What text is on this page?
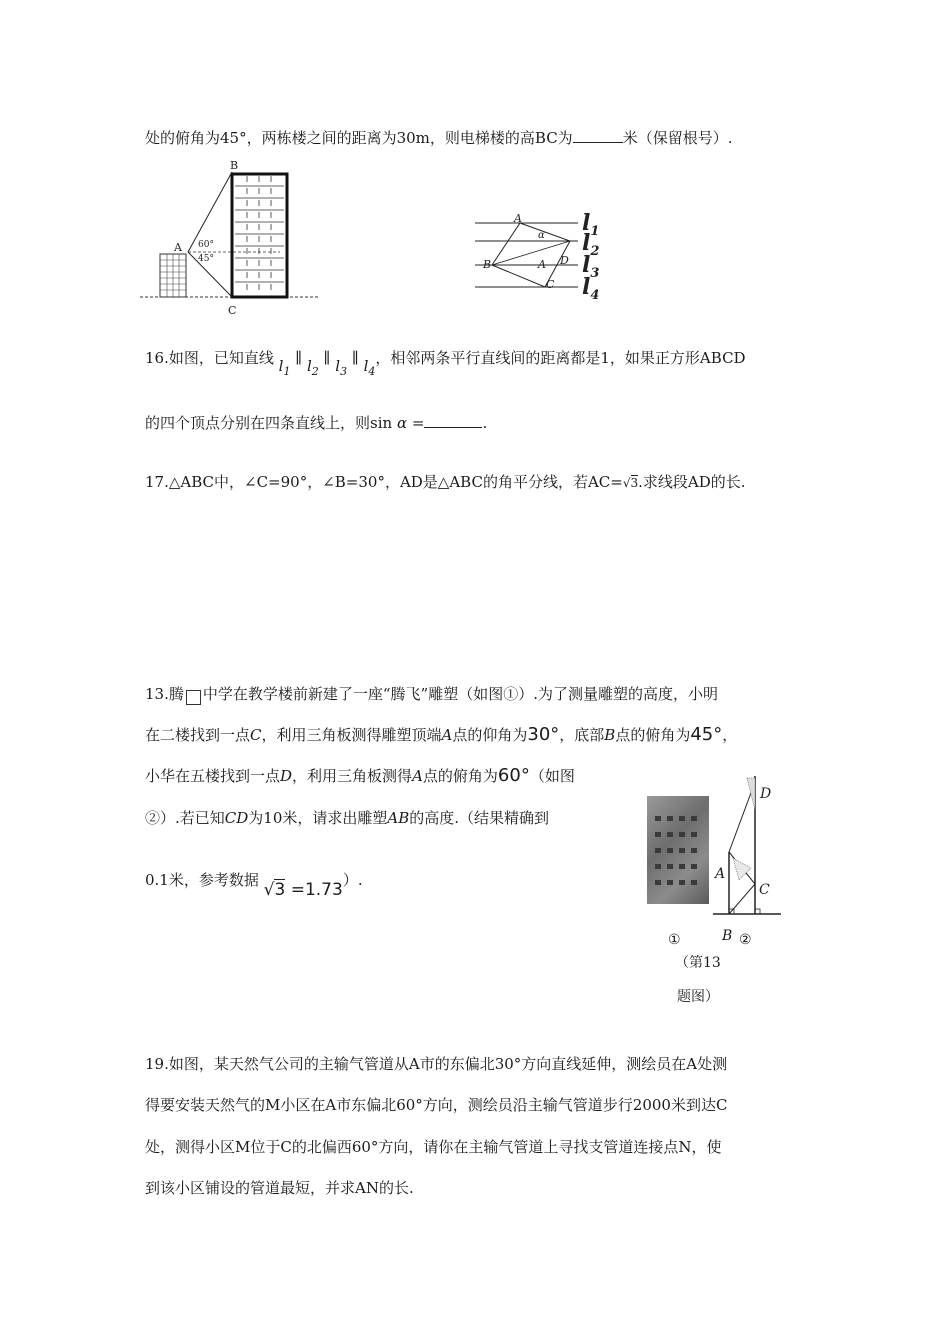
处的俯角为45°，两栋楼之间的距离为30m，则电梯楼的高BC为	米（保留根号）.
B
A
C
60°
45°
A
α
B	A D
C
$l_1$
$l_2$
$l_3$
$l_4$
16.如图，已知直线 $l_1$ ∥ $l_2$ ∥ $l_3$ ∥ $l_4$，相邻两条平行直线间的距离都是1，如果正方形ABCD
的四个顶点分别在四条直线上，则sin α =	.
17.△ABC中，∠C=90°，∠B=30°，AD是△ABC的角平分线，若AC=√3.求线段AD的长.
13.腾 中学在教学楼前新建了一座“腾飞”雕塑（如图①）.为了测量雕塑的高度，小明
在二楼找到一点C，利用三角板测得雕塑顶端A点的仰角为30°，底部B点的俯角为45°，
小华在五楼找到一点D，利用三角板测得A点的俯角为60°（如图
②）.若已知CD为10米，请求出雕塑AB的高度.（结果精确到
0.1米，参考数据 √3 =1.73）.
D
A
C
①	B ②
（第13
题图）
19.如图，某天然气公司的主输气管道从A市的东偏北30°方向直线延伸，测绘员在A处测
得要安装天然气的M小区在A市东偏北60°方向，测绘员沿主输气管道步行2000米到达C
处，测得小区M位于C的北偏西60°方向，请你在主输气管道上寻找支管道连接点N，使
到该小区铺设的管道最短，并求AN的长.
